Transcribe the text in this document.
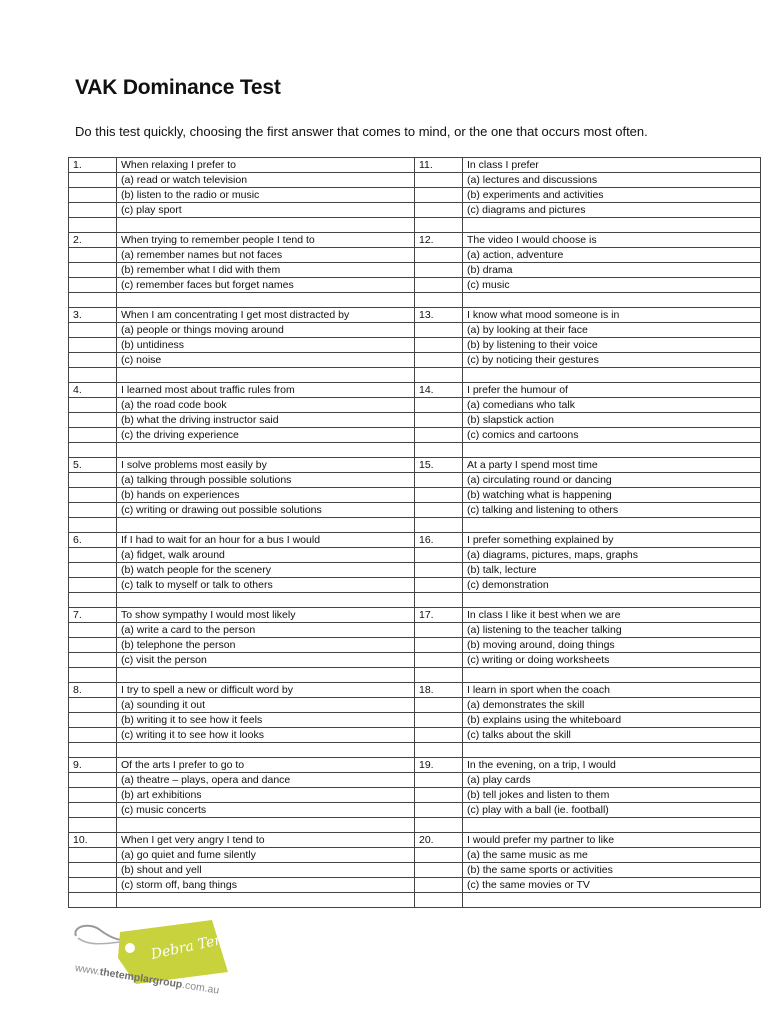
VAK Dominance Test
Do this test quickly, choosing the first answer that comes to mind, or the one that occurs most often.
1.	When relaxing I prefer to	11.	In class I prefer
	(a) read or watch television		(a) lectures and discussions
	(b) listen to the radio or music		(b) experiments and activities
	(c) play sport		(c) diagrams and pictures

2.	When trying to remember people I tend to	12.	The video I would choose is
	(a) remember names but not faces		(a) action, adventure
	(b) remember what I did with them		(b) drama
	(c) remember faces but forget names		(c) music

3.	When I am concentrating I get most distracted by	13.	I know what mood someone is in
	(a) people or things moving around		(a) by looking at their face
	(b) untidiness		(b) by listening to their voice
	(c) noise		(c) by noticing their gestures

4.	I learned most about traffic rules from	14.	I prefer the humour of
	(a) the road code book		(a) comedians who talk
	(b) what the driving instructor said		(b) slapstick action
	(c) the driving experience		(c) comics and cartoons

5.	I solve problems most easily by	15.	At a party I spend most time
	(a) talking through possible solutions		(a) circulating round or dancing
	(b) hands on experiences		(b) watching what is happening
	(c) writing or drawing out possible solutions		(c) talking and listening to others

6.	If I had to wait for an hour for a bus I would	16.	I prefer something explained by
	(a) fidget, walk around		(a) diagrams, pictures, maps, graphs
	(b) watch people for the scenery		(b) talk, lecture
	(c) talk to myself or talk to others		(c) demonstration

7.	To show sympathy I would most likely	17.	In class I like it best when we are
	(a) write a card to the person		(a) listening to the teacher talking
	(b) telephone the person		(b) moving around, doing things
	(c) visit the person		(c) writing or doing worksheets

8.	I try to spell a new or difficult word by	18.	I learn in sport when the coach
	(a) sounding it out		(a) demonstrates the skill
	(b) writing it to see how it feels		(b) explains using the whiteboard
	(c) writing it to see how it looks		(c) talks about the skill

9.	Of the arts I prefer to go to	19.	In the evening, on a trip, I would
	(a) theatre – plays, opera and dance		(a) play cards
	(b) art exhibitions		(b) tell jokes and listen to them
	(c) music concerts		(c) play with a ball (ie. football)

10.	When I get very angry I tend to	20.	I would prefer my partner to like
	(a) go quiet and fume silently		(a) the same music as me
	(b) shout and yell		(b) the same sports or activities
	(c) storm off, bang things		(c) the same movies or TV

Debra Templar
www.thetemplargroup.com.au
